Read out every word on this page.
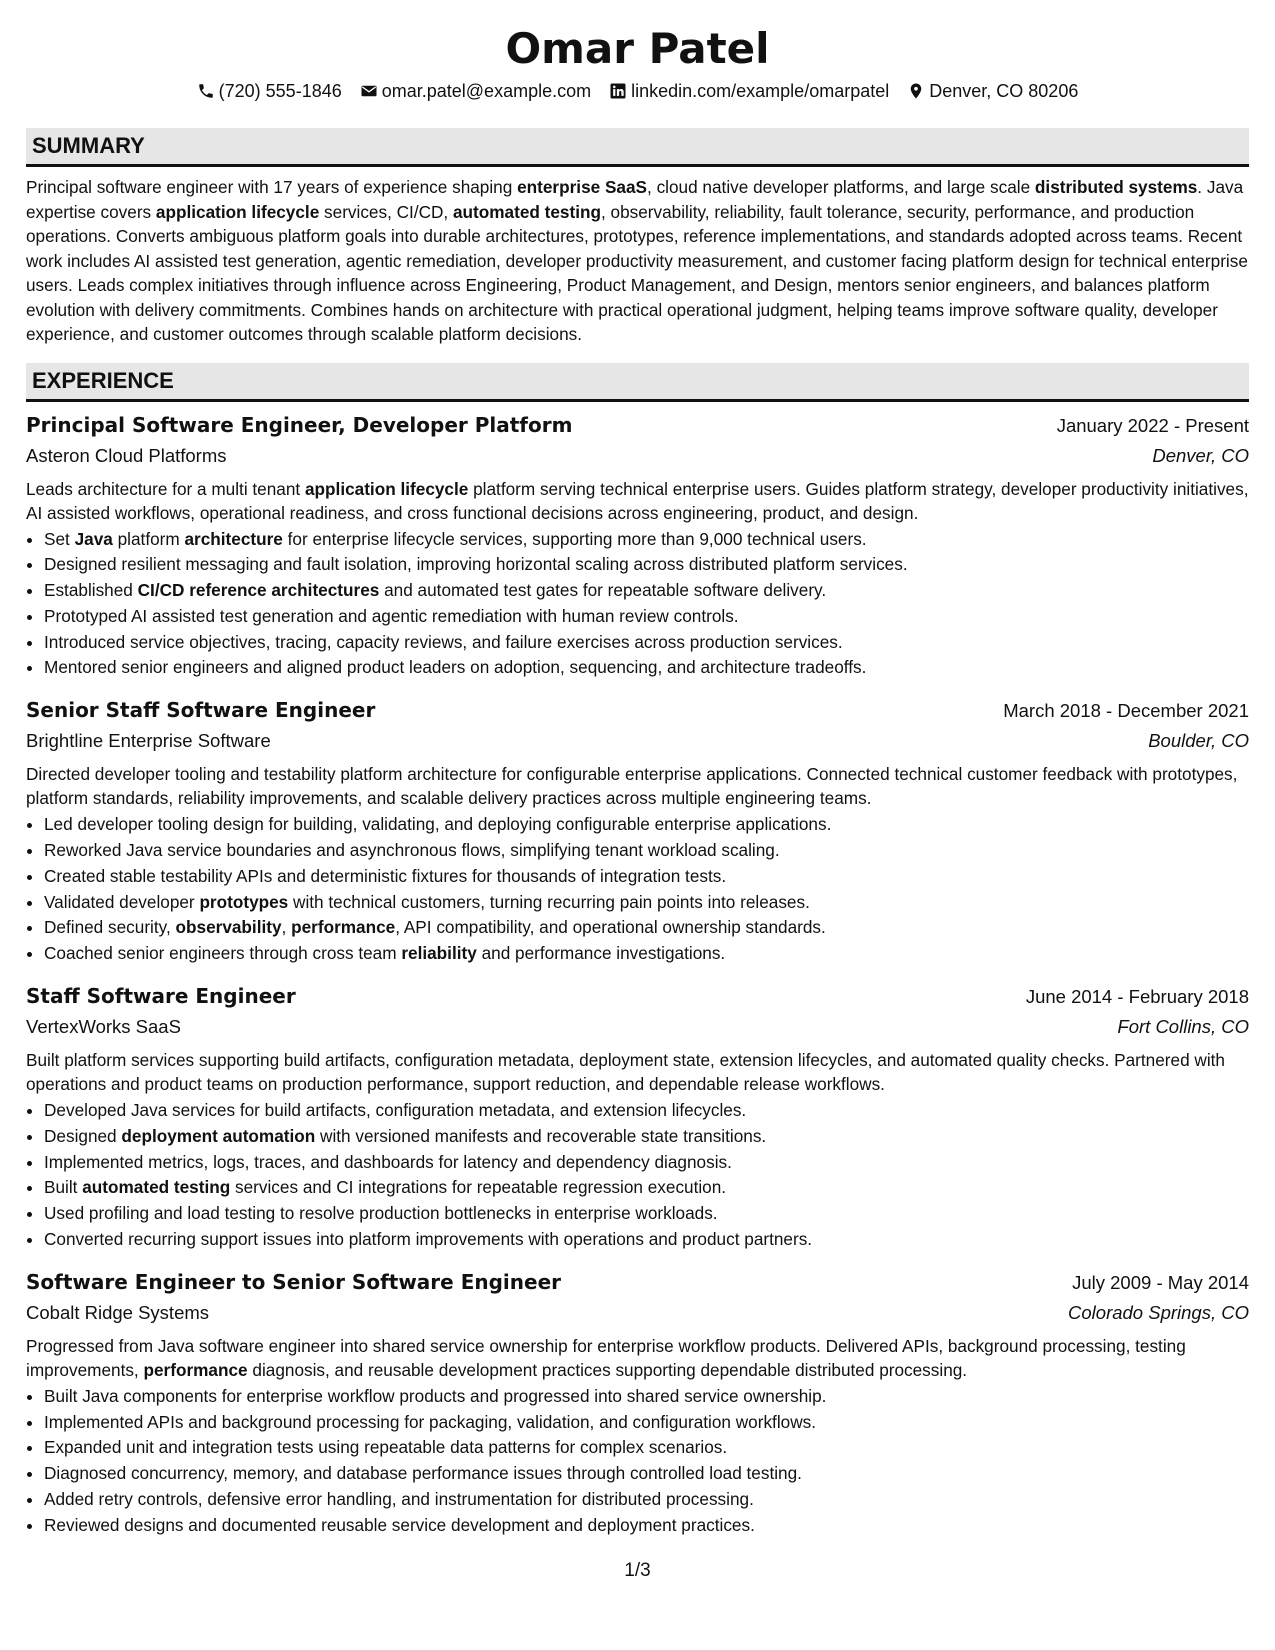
Omar Patel
(720) 555-1846 omar.patel@example.com linkedin.com/example/omarpatel Denver, CO 80206
SUMMARY
Principal software engineer with 17 years of experience shaping enterprise SaaS, cloud native developer platforms, and large scale distributed systems. Java expertise covers application lifecycle services, CI/CD, automated testing, observability, reliability, fault tolerance, security, performance, and production operations. Converts ambiguous platform goals into durable architectures, prototypes, reference implementations, and standards adopted across teams. Recent work includes AI assisted test generation, agentic remediation, developer productivity measurement, and customer facing platform design for technical enterprise users. Leads complex initiatives through influence across Engineering, Product Management, and Design, mentors senior engineers, and balances platform evolution with delivery commitments. Combines hands on architecture with practical operational judgment, helping teams improve software quality, developer experience, and customer outcomes through scalable platform decisions.
EXPERIENCE
Principal Software Engineer, Developer Platform	January 2022 - Present
Asteron Cloud Platforms	Denver, CO
Leads architecture for a multi tenant application lifecycle platform serving technical enterprise users. Guides platform strategy, developer productivity initiatives, AI assisted workflows, operational readiness, and cross functional decisions across engineering, product, and design.
• Set Java platform architecture for enterprise lifecycle services, supporting more than 9,000 technical users.
• Designed resilient messaging and fault isolation, improving horizontal scaling across distributed platform services.
• Established CI/CD reference architectures and automated test gates for repeatable software delivery.
• Prototyped AI assisted test generation and agentic remediation with human review controls.
• Introduced service objectives, tracing, capacity reviews, and failure exercises across production services.
• Mentored senior engineers and aligned product leaders on adoption, sequencing, and architecture tradeoffs.
Senior Staff Software Engineer	March 2018 - December 2021
Brightline Enterprise Software	Boulder, CO
Directed developer tooling and testability platform architecture for configurable enterprise applications. Connected technical customer feedback with prototypes, platform standards, reliability improvements, and scalable delivery practices across multiple engineering teams.
• Led developer tooling design for building, validating, and deploying configurable enterprise applications.
• Reworked Java service boundaries and asynchronous flows, simplifying tenant workload scaling.
• Created stable testability APIs and deterministic fixtures for thousands of integration tests.
• Validated developer prototypes with technical customers, turning recurring pain points into releases.
• Defined security, observability, performance, API compatibility, and operational ownership standards.
• Coached senior engineers through cross team reliability and performance investigations.
Staff Software Engineer	June 2014 - February 2018
VertexWorks SaaS	Fort Collins, CO
Built platform services supporting build artifacts, configuration metadata, deployment state, extension lifecycles, and automated quality checks. Partnered with operations and product teams on production performance, support reduction, and dependable release workflows.
• Developed Java services for build artifacts, configuration metadata, and extension lifecycles.
• Designed deployment automation with versioned manifests and recoverable state transitions.
• Implemented metrics, logs, traces, and dashboards for latency and dependency diagnosis.
• Built automated testing services and CI integrations for repeatable regression execution.
• Used profiling and load testing to resolve production bottlenecks in enterprise workloads.
• Converted recurring support issues into platform improvements with operations and product partners.
Software Engineer to Senior Software Engineer	July 2009 - May 2014
Cobalt Ridge Systems	Colorado Springs, CO
Progressed from Java software engineer into shared service ownership for enterprise workflow products. Delivered APIs, background processing, testing improvements, performance diagnosis, and reusable development practices supporting dependable distributed processing.
• Built Java components for enterprise workflow products and progressed into shared service ownership.
• Implemented APIs and background processing for packaging, validation, and configuration workflows.
• Expanded unit and integration tests using repeatable data patterns for complex scenarios.
• Diagnosed concurrency, memory, and database performance issues through controlled load testing.
• Added retry controls, defensive error handling, and instrumentation for distributed processing.
• Reviewed designs and documented reusable service development and deployment practices.
1/3
